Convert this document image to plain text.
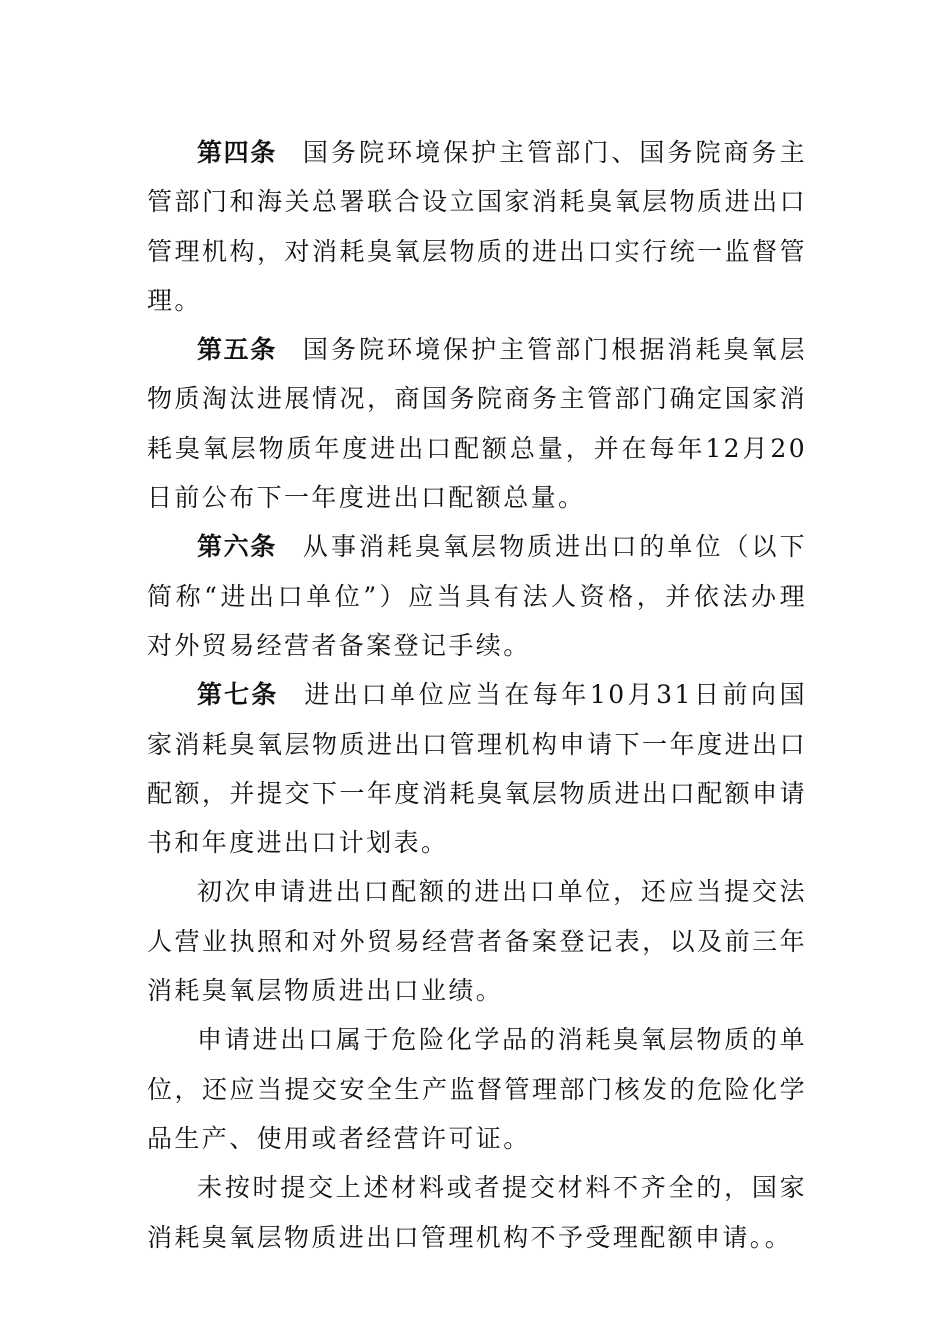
第四条 国务院环境保护主管部门、国务院商务主管部门和海关总署联合设立国家消耗臭氧层物质进出口管理机构，对消耗臭氧层物质的进出口实行统一监督管理。

第五条 国务院环境保护主管部门根据消耗臭氧层物质淘汰进展情况，商国务院商务主管部门确定国家消耗臭氧层物质年度进出口配额总量，并在每年12月20日前公布下一年度进出口配额总量。

第六条 从事消耗臭氧层物质进出口的单位（以下简称“进出口单位”）应当具有法人资格，并依法办理对外贸易经营者备案登记手续。

第七条 进出口单位应当在每年10月31日前向国家消耗臭氧层物质进出口管理机构申请下一年度进出口配额，并提交下一年度消耗臭氧层物质进出口配额申请书和年度进出口计划表。

初次申请进出口配额的进出口单位，还应当提交法人营业执照和对外贸易经营者备案登记表，以及前三年消耗臭氧层物质进出口业绩。

申请进出口属于危险化学品的消耗臭氧层物质的单位，还应当提交安全生产监督管理部门核发的危险化学品生产、使用或者经营许可证。

未按时提交上述材料或者提交材料不齐全的，国家消耗臭氧层物质进出口管理机构不予受理配额申请。。
